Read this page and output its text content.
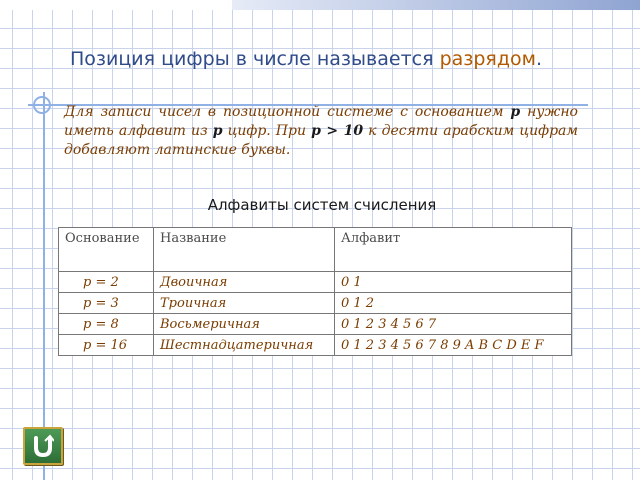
Позиция цифры в числе называется разрядом.
Для записи чисел в позиционной системе с основанием p нужно иметь алфавит из p цифр. При p > 10 к десяти арабским цифрам добавляют латинские буквы.
Алфавиты систем счисления
Основание	Название	Алфавит
p = 2	Двоичная	0 1
p = 3	Троичная	0 1 2
p = 8	Восьмеричная	0 1 2 3 4 5 6 7
p = 16	Шестнадцатеричная	0 1 2 3 4 5 6 7 8 9 A B C D E F
